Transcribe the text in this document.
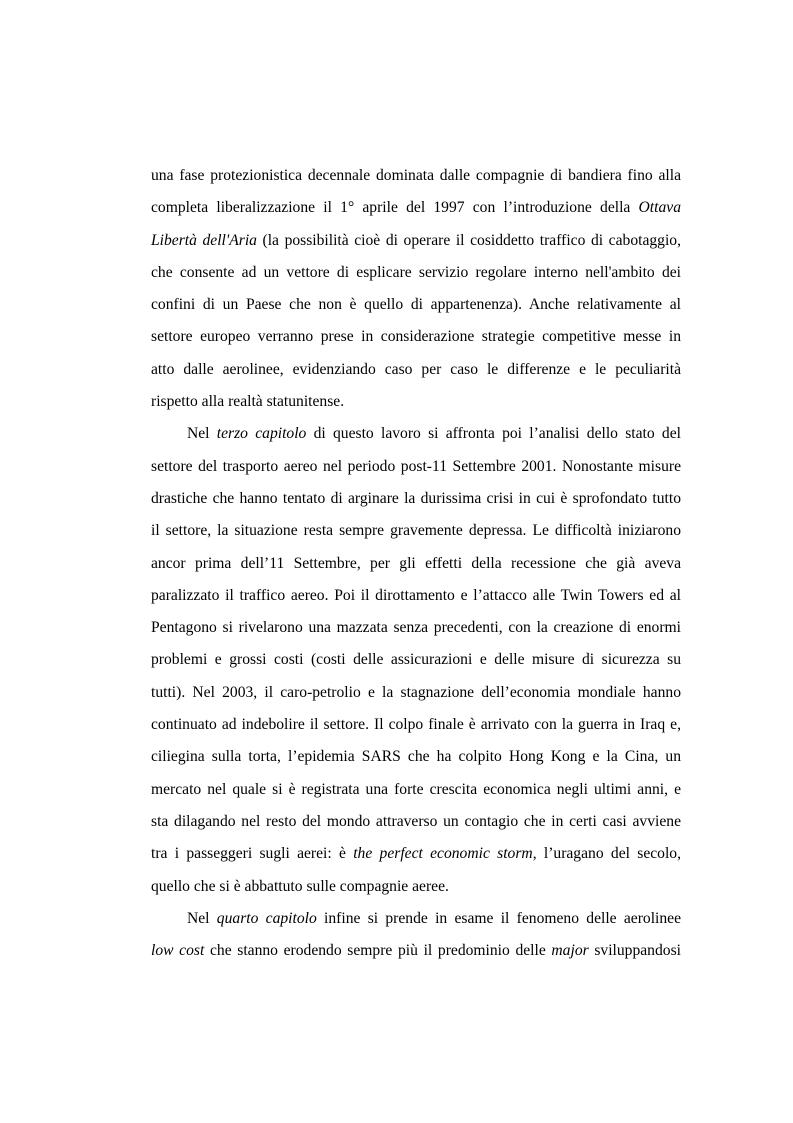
una fase protezionistica decennale dominata dalle compagnie di bandiera fino alla
completa liberalizzazione il 1° aprile del 1997 con l’introduzione della Ottava
Libertà dell'Aria (la possibilità cioè di operare il cosiddetto traffico di cabotaggio,
che consente ad un vettore di esplicare servizio regolare interno nell'ambito dei
confini di un Paese che non è quello di appartenenza). Anche relativamente al
settore europeo verranno prese in considerazione strategie competitive messe in
atto dalle aerolinee, evidenziando caso per caso le differenze e le peculiarità
rispetto alla realtà statunitense.
Nel terzo capitolo di questo lavoro si affronta poi l’analisi dello stato del
settore del trasporto aereo nel periodo post-11 Settembre 2001. Nonostante misure
drastiche che hanno tentato di arginare la durissima crisi in cui è sprofondato tutto
il settore, la situazione resta sempre gravemente depressa. Le difficoltà iniziarono
ancor prima dell’11 Settembre, per gli effetti della recessione che già aveva
paralizzato il traffico aereo. Poi il dirottamento e l’attacco alle Twin Towers ed al
Pentagono si rivelarono una mazzata senza precedenti, con la creazione di enormi
problemi e grossi costi (costi delle assicurazioni e delle misure di sicurezza su
tutti). Nel 2003, il caro-petrolio e la stagnazione dell’economia mondiale hanno
continuato ad indebolire il settore. Il colpo finale è arrivato con la guerra in Iraq e,
ciliegina sulla torta, l’epidemia SARS che ha colpito Hong Kong e la Cina, un
mercato nel quale si è registrata una forte crescita economica negli ultimi anni, e
sta dilagando nel resto del mondo attraverso un contagio che in certi casi avviene
tra i passeggeri sugli aerei: è the perfect economic storm, l’uragano del secolo,
quello che si è abbattuto sulle compagnie aeree.
Nel quarto capitolo infine si prende in esame il fenomeno delle aerolinee
low cost che stanno erodendo sempre più il predominio delle major sviluppandosi
